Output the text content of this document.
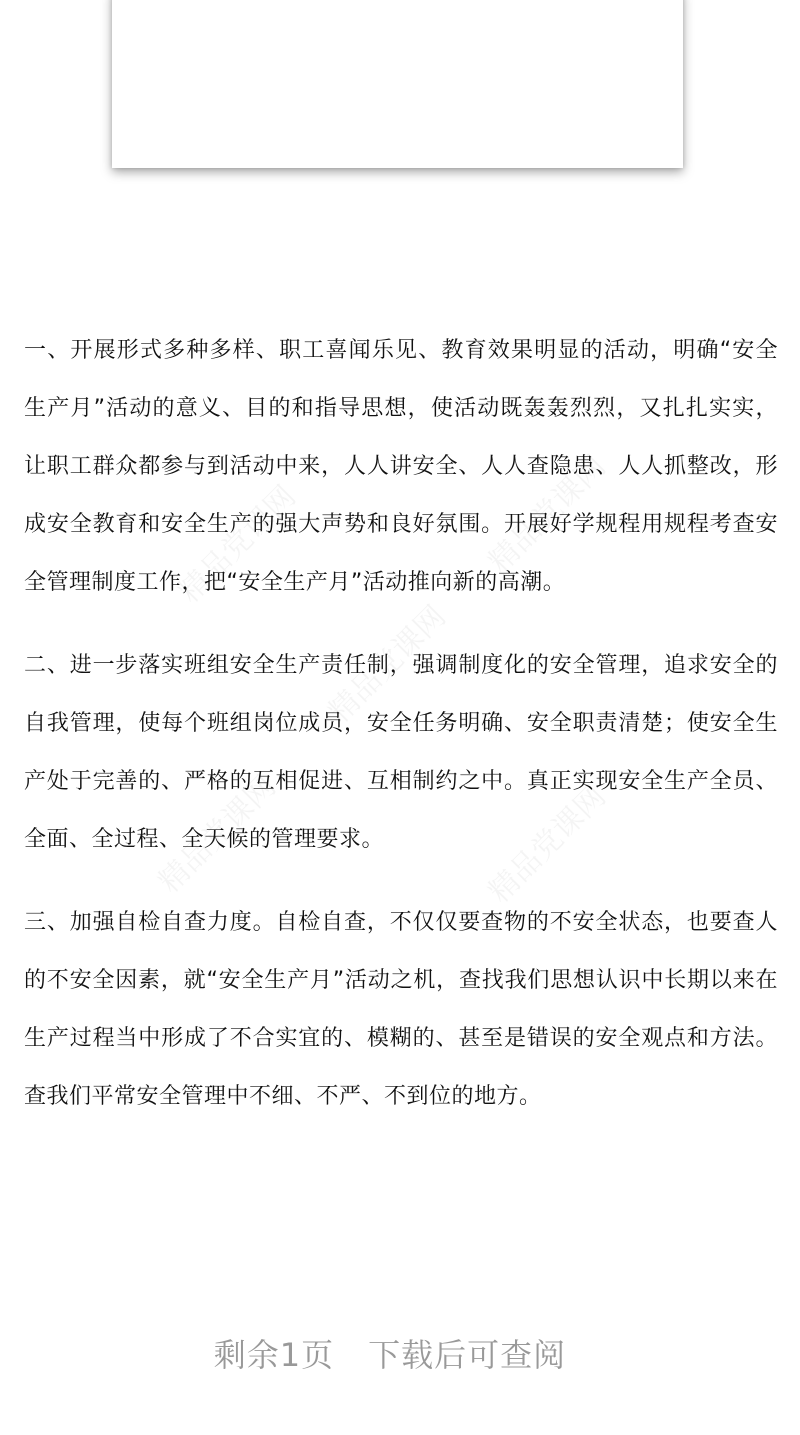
一、开展形式多种多样、职工喜闻乐见、教育效果明显的活动，明确“安全生产月”活动的意义、目的和指导思想，使活动既轰轰烈烈，又扎扎实实，让职工群众都参与到活动中来，人人讲安全、人人查隐患、人人抓整改，形成安全教育和安全生产的强大声势和良好氛围。开展好学规程用规程考查安全管理制度工作，把“安全生产月”活动推向新的高潮。

二、进一步落实班组安全生产责任制，强调制度化的安全管理，追求安全的自我管理，使每个班组岗位成员，安全任务明确、安全职责清楚；使安全生产处于完善的、严格的互相促进、互相制约之中。真正实现安全生产全员、全面、全过程、全天候的管理要求。

三、加强自检自查力度。自检自查，不仅仅要查物的不安全状态，也要查人的不安全因素，就“安全生产月”活动之机，查找我们思想认识中长期以来在生产过程当中形成了不合实宜的、模糊的、甚至是错误的安全观点和方法。查我们平常安全管理中不细、不严、不到位的地方。

剩余1页 下载后可查阅
